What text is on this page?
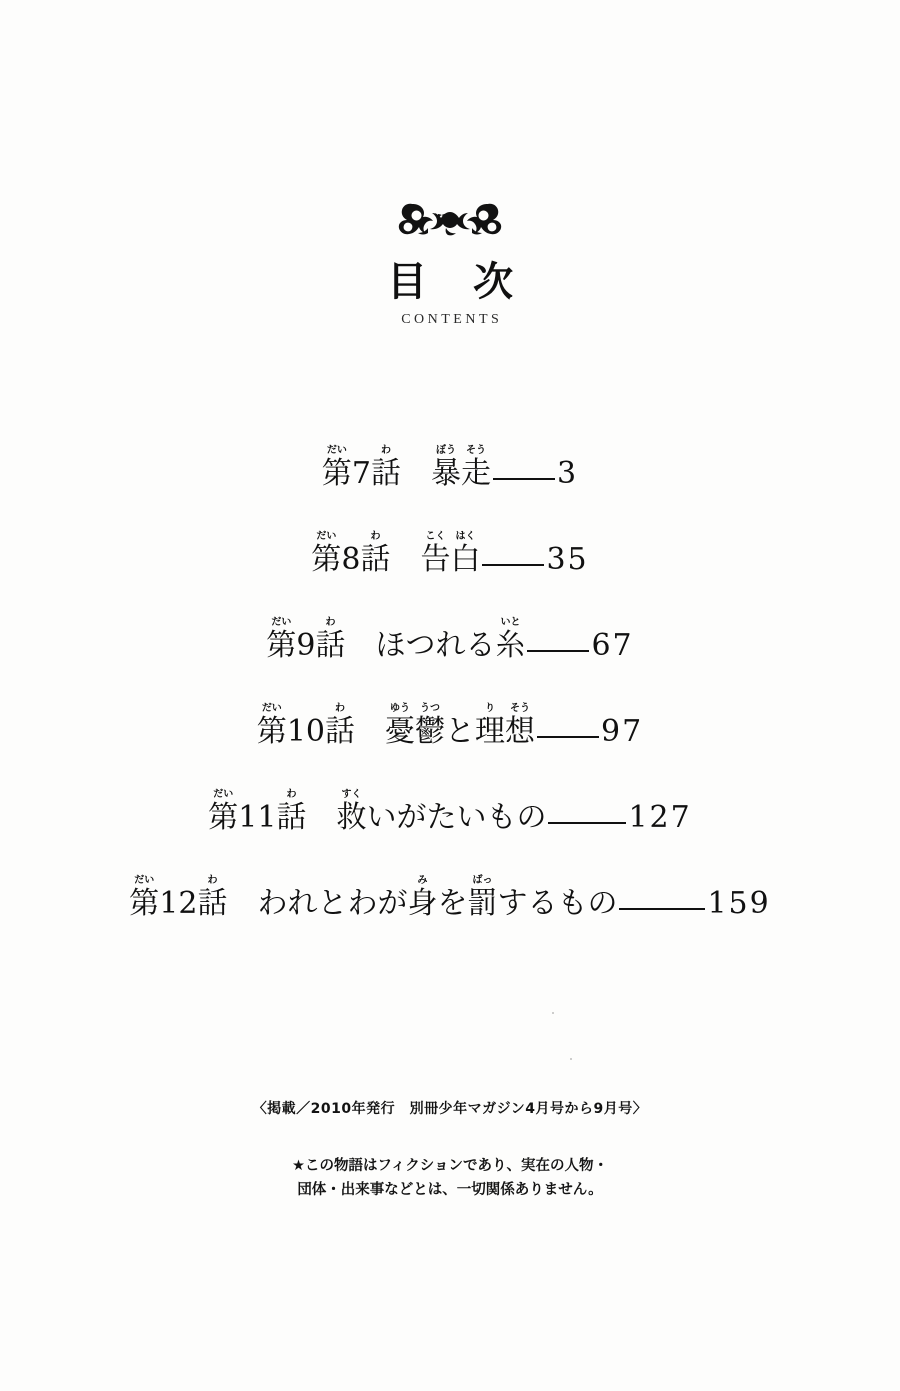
目 次
CONTENTS
だい
第
7
わ
話
ぼう
暴
そう
走 3
だい
第
8
わ
話
こく
告
はく
白 35
だい
第
9
わ
話
ほつれる
いと
糸 67
だい
第
10
わ
話
ゆう
憂
うつ
鬱
と
り
理
そう
想 97
だい
第
11
わ
話
すく
救
いがたいもの	127
だい
第
12
わ
話
われとわが
み
身
を
ばっ
罰
するもの	159
〈掲載／2010年発行　別冊少年マガジン4月号から9月号〉
★この物語はフィクションであり、実在の人物・
団体・出来事などとは、一切関係ありません。
